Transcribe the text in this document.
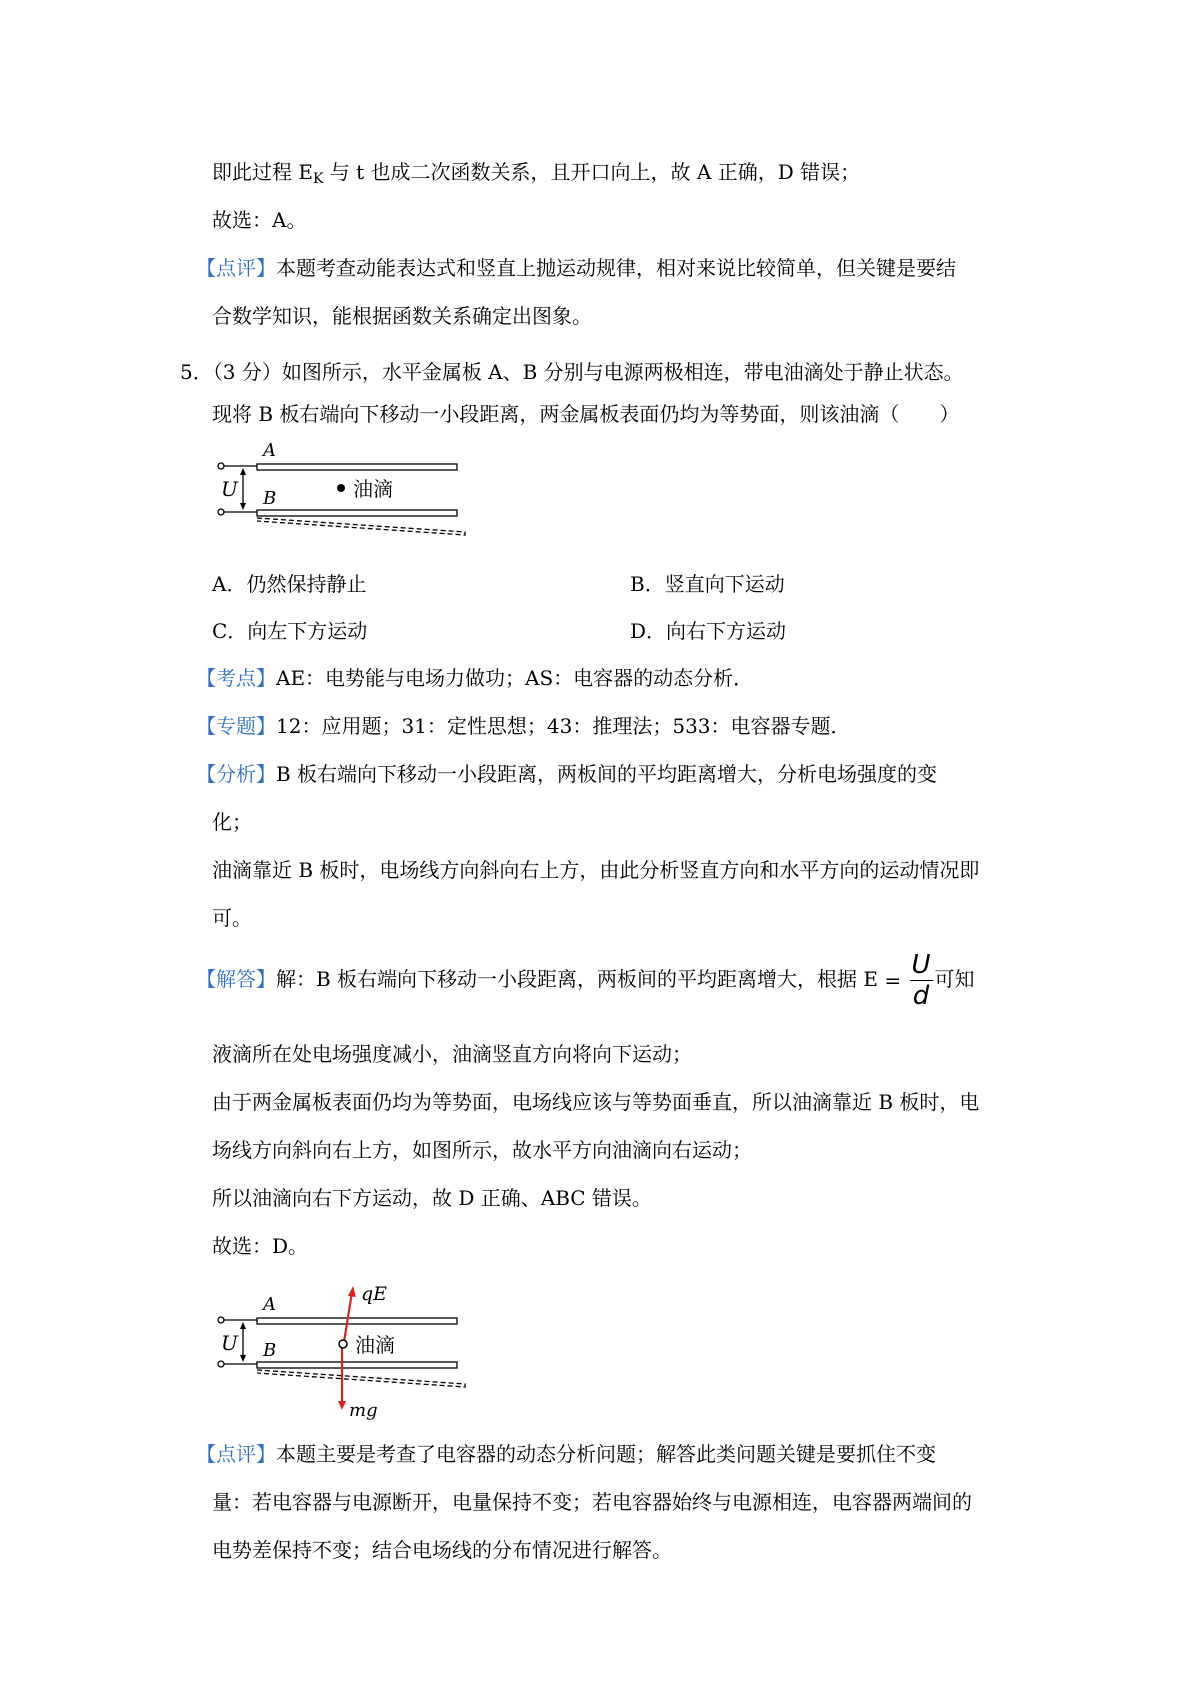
即此过程 $E_K$ 与 t 也成二次函数关系，且开口向上，故 A 正确，D 错误；
故选：A。
【点评】本题考查动能表达式和竖直上抛运动规律，相对来说比较简单，但关键是要结
合数学知识，能根据函数关系确定出图象。
5．（3 分）如图所示，水平金属板 A、B 分别与电源两极相连，带电油滴处于静止状态。
现将 B 板右端向下移动一小段距离，两金属板表面仍均为等势面，则该油滴（　　）
A
B
U	油滴
A．仍然保持静止	B．竖直向下运动
C．向左下方运动	D．向右下方运动
【考点】AE：电势能与电场力做功；AS：电容器的动态分析．
【专题】12：应用题；31：定性思想；43：推理法；533：电容器专题．
【分析】B 板右端向下移动一小段距离，两板间的平均距离增大，分析电场强度的变
化；
油滴靠近 B 板时，电场线方向斜向右上方，由此分析竖直方向和水平方向的运动情况即
可。
【解答】解：B 板右端向下移动一小段距离，两板间的平均距离增大，根据 $E = \frac{U}{d}$ 可知
液滴所在处电场强度减小，油滴竖直方向将向下运动；
由于两金属板表面仍均为等势面，电场线应该与等势面垂直，所以油滴靠近 B 板时，电
场线方向斜向右上方，如图所示，故水平方向油滴向右运动；
所以油滴向右下方运动，故 D 正确、ABC 错误。
故选：D。
A
B
U	油滴
qE
mg
【点评】本题主要是考查了电容器的动态分析问题；解答此类问题关键是要抓住不变
量：若电容器与电源断开，电量保持不变；若电容器始终与电源相连，电容器两端间的
电势差保持不变；结合电场线的分布情况进行解答。
